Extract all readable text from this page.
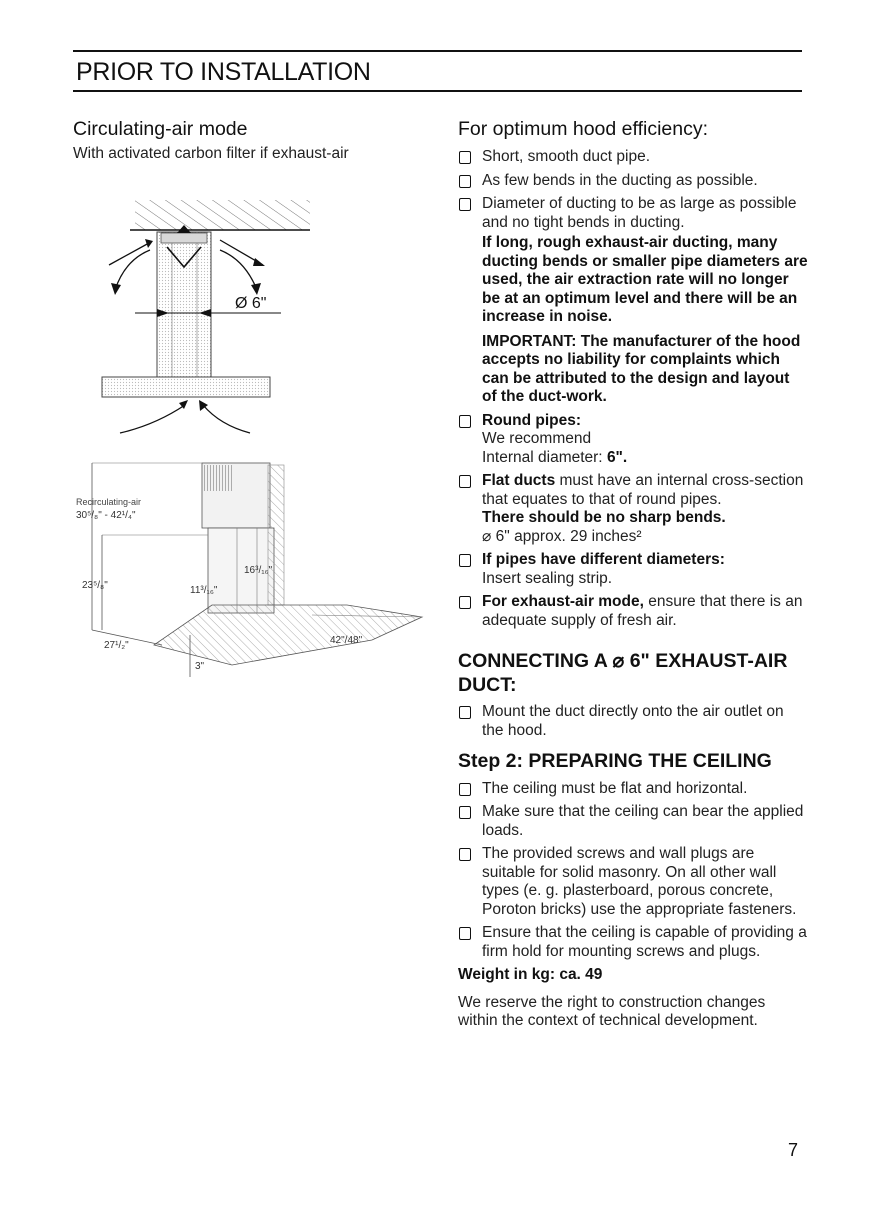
PRIOR TO INSTALLATION
Circulating-air mode
With activated carbon filter if exhaust-air
Ø 6"
Recirculating-air
30⁵/₈" - 42¹/₄"
23⁵/₈"	11³/₁₆"
16³/₁₆"
27¹/₂"	42"/48"
3"
For optimum hood efficiency:
Short, smooth duct pipe.
As few bends in the ducting as possible.
Diameter of ducting to be as large as possible and no tight bends in ducting.
If long, rough exhaust-air ducting, many ducting bends or smaller pipe diameters are used, the air extraction rate will no longer be at an optimum level and there will be an increase in noise.
IMPORTANT: The manufacturer of the hood accepts no liability for complaints which can be attributed to the design and layout of the duct-work.
Round pipes:
We recommend
Internal diameter: 6".
Flat ducts must have an internal cross-section that equates to that of round pipes.
There should be no sharp bends.
⌀ 6" approx. 29 inches²
If pipes have different diameters:
Insert sealing strip.
For exhaust-air mode, ensure that there is an adequate supply of fresh air.
CONNECTING A ⌀ 6" EXHAUST-AIR DUCT:
Mount the duct directly onto the air outlet on the hood.
Step 2: PREPARING THE CEILING
The ceiling must be flat and horizontal.
Make sure that the ceiling can bear the applied loads.
The provided screws and wall plugs are suitable for solid masonry. On all other wall types (e. g. plasterboard, porous concrete, Poroton bricks) use the appropriate fasteners.
Ensure that the ceiling is capable of providing a firm hold for mounting screws and plugs.
Weight in kg: ca. 49
We reserve the right to construction changes within the context of technical development.
7
